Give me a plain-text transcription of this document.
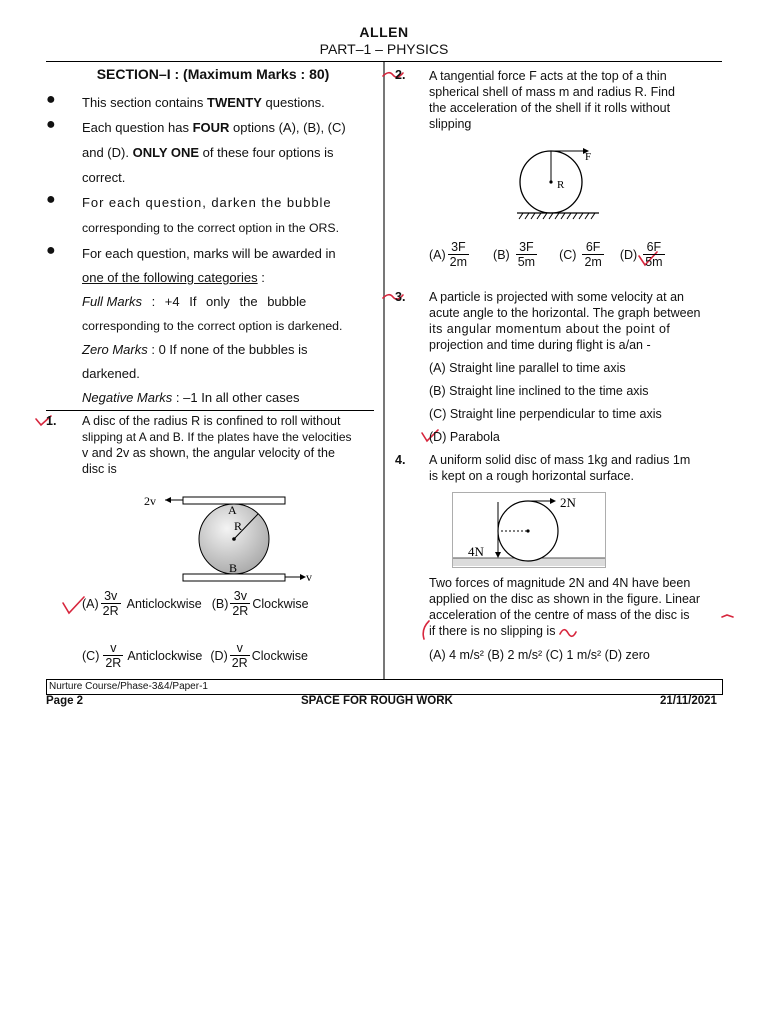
ALLEN
PART–1 – PHYSICS
SECTION–I : (Maximum Marks : 80)
● This section contains TWENTY questions.
● Each question has FOUR options (A), (B), (C)
and (D). ONLY ONE of these four options is
correct.
● For each question, darken the bubble
corresponding to the correct option in the ORS.
● For each question, marks will be awarded in
one of the following categories :
Full Marks : +4 If only the bubble
corresponding to the correct option is darkened.
Zero Marks : 0 If none of the bubbles is
darkened.
Negative Marks : –1 In all other cases
1. A disc of the radius R is confined to roll without
slipping at A and B. If the plates have the velocities
v and 2v as shown, the angular velocity of the
disc is
2v
v
A
B
R
$(A) \frac{3v}{2R}$ Anticlockwise $(B) \frac{3v}{2R}$ Clockwise
$(C) \frac{v}{2R}$ Anticlockwise $(D) \frac{v}{2R}$ Clockwise
2. A tangential force F acts at the top of a thin
spherical shell of mass m and radius R. Find
the acceleration of the shell if it rolls without
slipping
F
R
$(A) \frac{3F}{2m} (B) \frac{3F}{5m} (C) \frac{6F}{2m} (D) \frac{6F}{5m}$
3. A particle is projected with some velocity at an
acute angle to the horizontal. The graph between
its angular momentum about the point of
projection and time during flight is a/an -
(A) Straight line parallel to time axis
(B) Straight line inclined to the time axis
(C) Straight line perpendicular to time axis
(D) Parabola
4. A uniform solid disc of mass 1kg and radius 1m
is kept on a rough horizontal surface.
2N
4N
Two forces of magnitude 2N and 4N have been
applied on the disc as shown in the figure. Linear
acceleration of the centre of mass of the disc is
if there is no slipping is
(A) 4 m/s² (B) 2 m/s² (C) 1 m/s² (D) zero
Nurture Course/Phase-3&4/Paper-1
Page 2	SPACE FOR ROUGH WORK	21/11/2021
